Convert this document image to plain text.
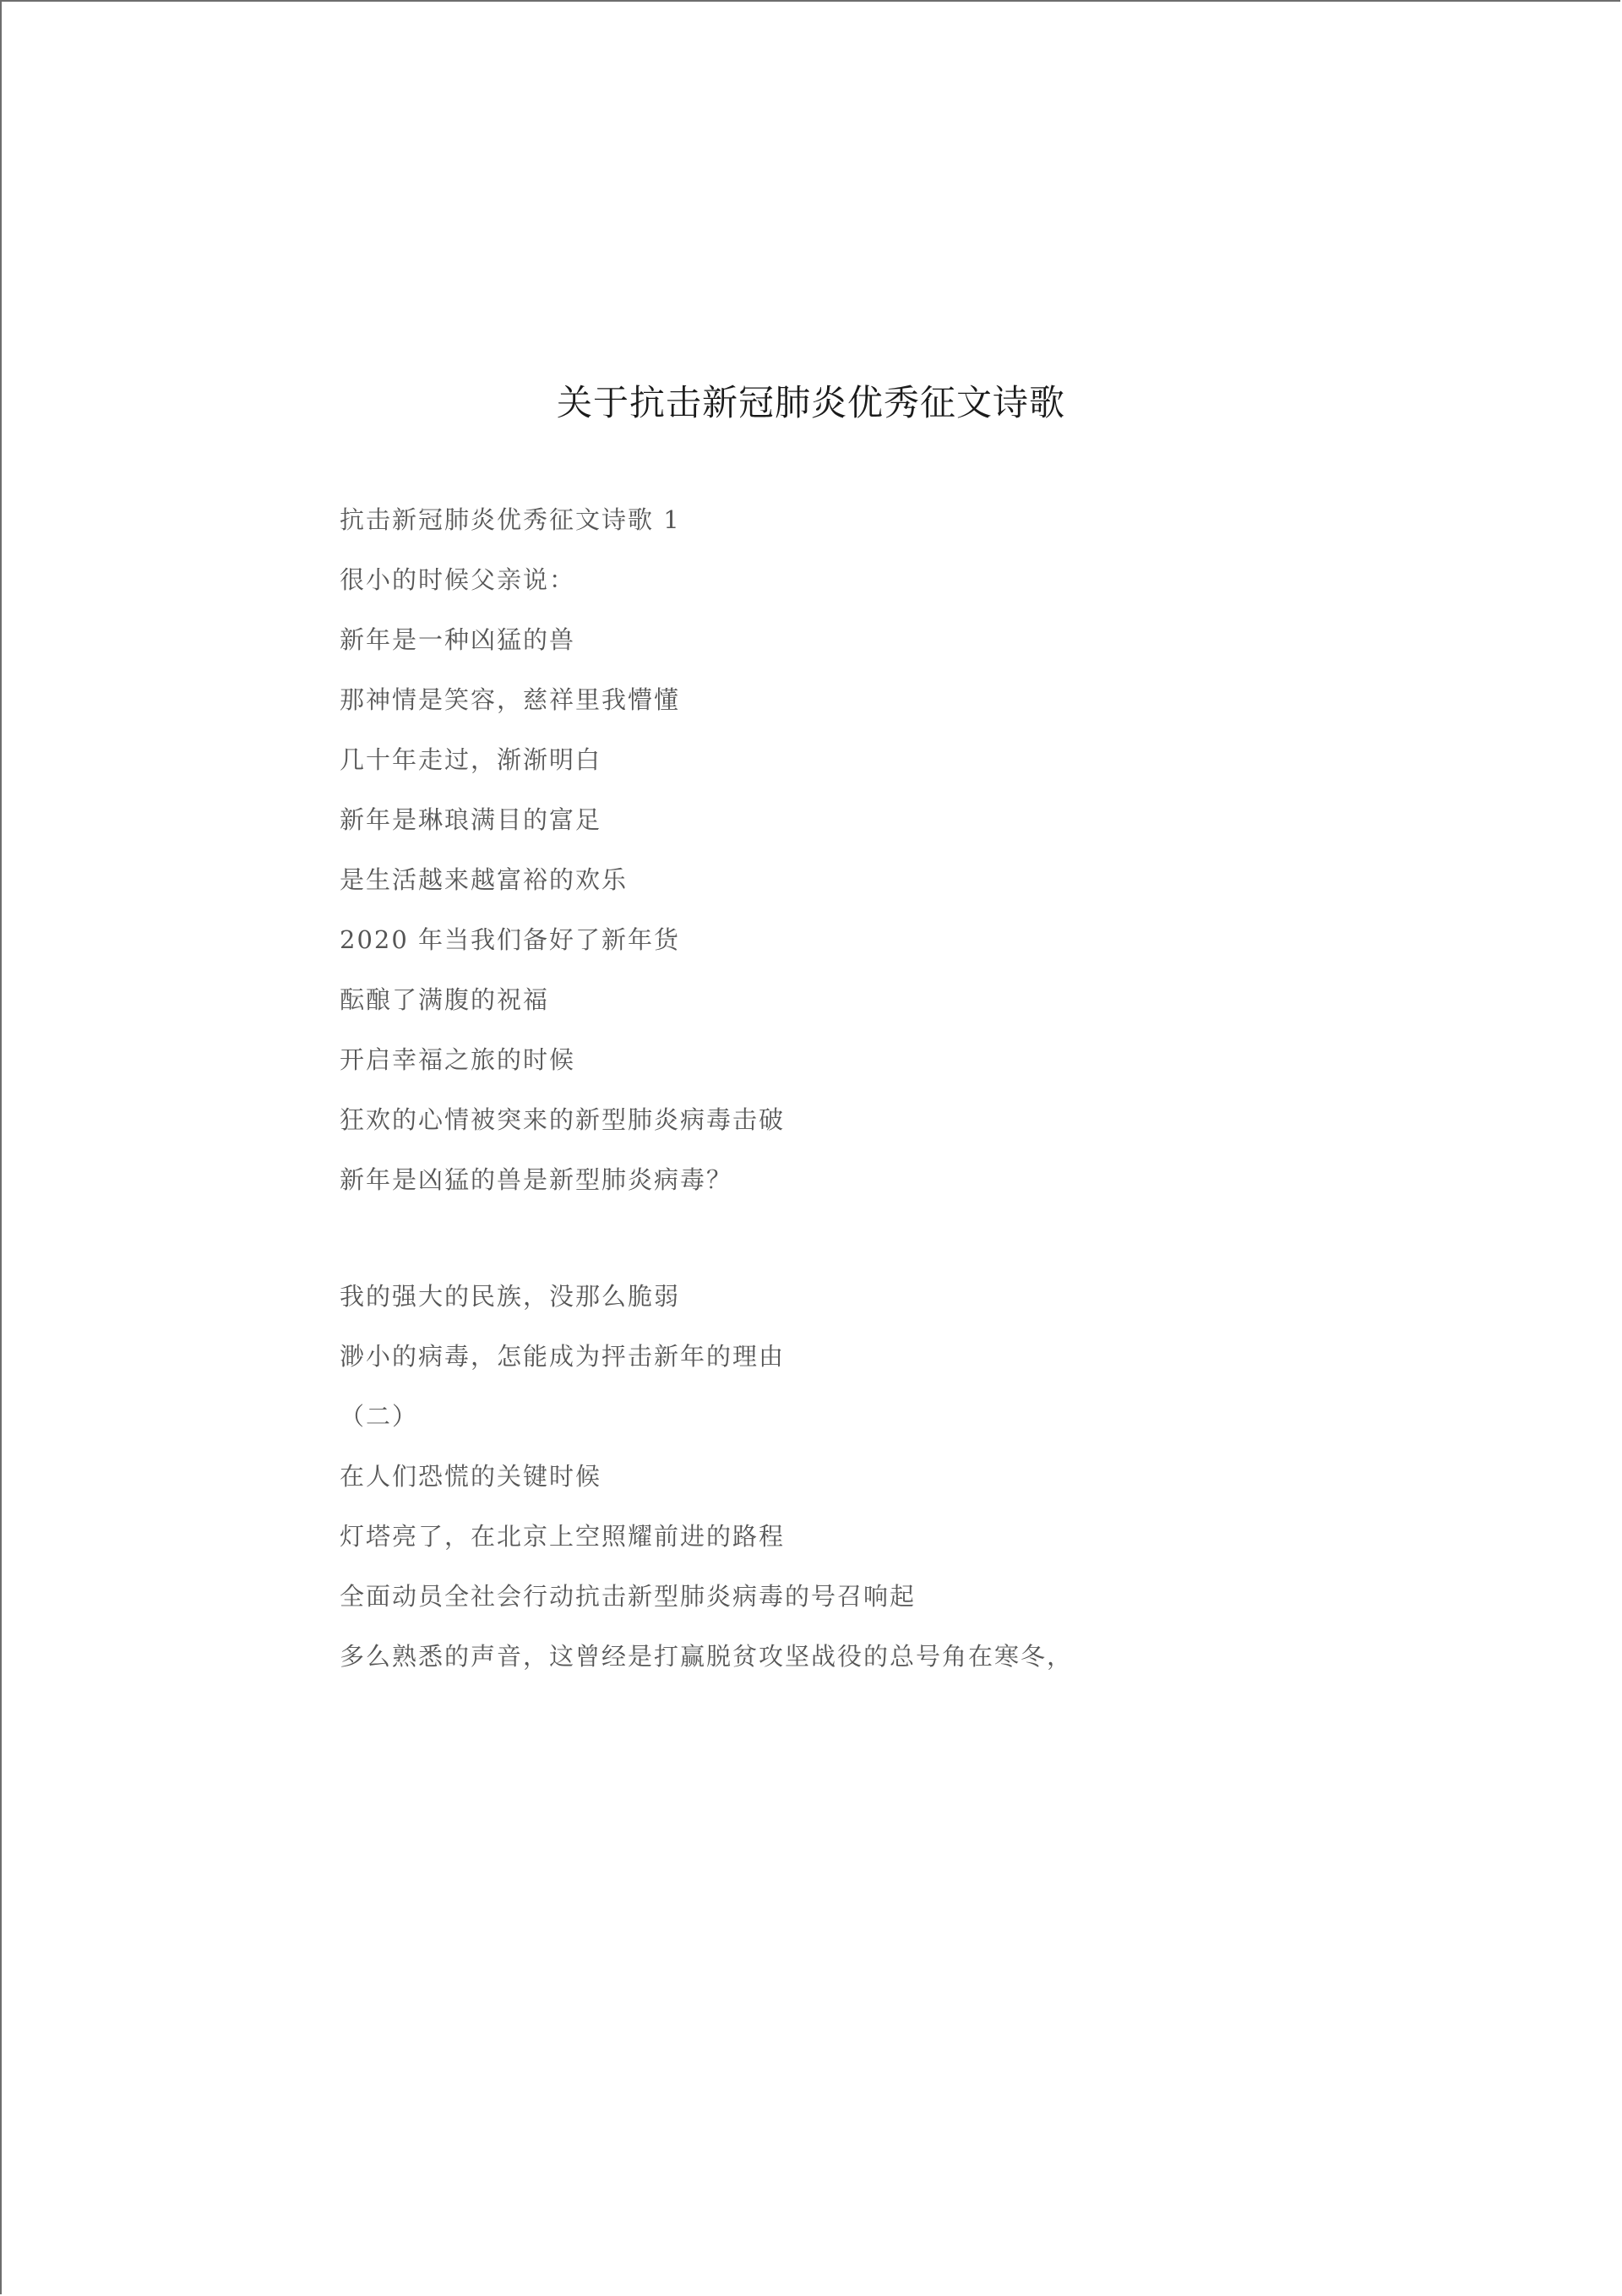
关于抗击新冠肺炎优秀征文诗歌
抗击新冠肺炎优秀征文诗歌 1
很小的时候父亲说：
新年是一种凶猛的兽
那神情是笑容，慈祥里我懵懂
几十年走过，渐渐明白
新年是琳琅满目的富足
是生活越来越富裕的欢乐
2020 年当我们备好了新年货
酝酿了满腹的祝福
开启幸福之旅的时候
狂欢的心情被突来的新型肺炎病毒击破
新年是凶猛的兽是新型肺炎病毒？
我的强大的民族，没那么脆弱
渺小的病毒，怎能成为抨击新年的理由
（二）
在人们恐慌的关键时候
灯塔亮了，在北京上空照耀前进的路程
全面动员全社会行动抗击新型肺炎病毒的号召响起
多么熟悉的声音，这曾经是打赢脱贫攻坚战役的总号角在寒冬，
